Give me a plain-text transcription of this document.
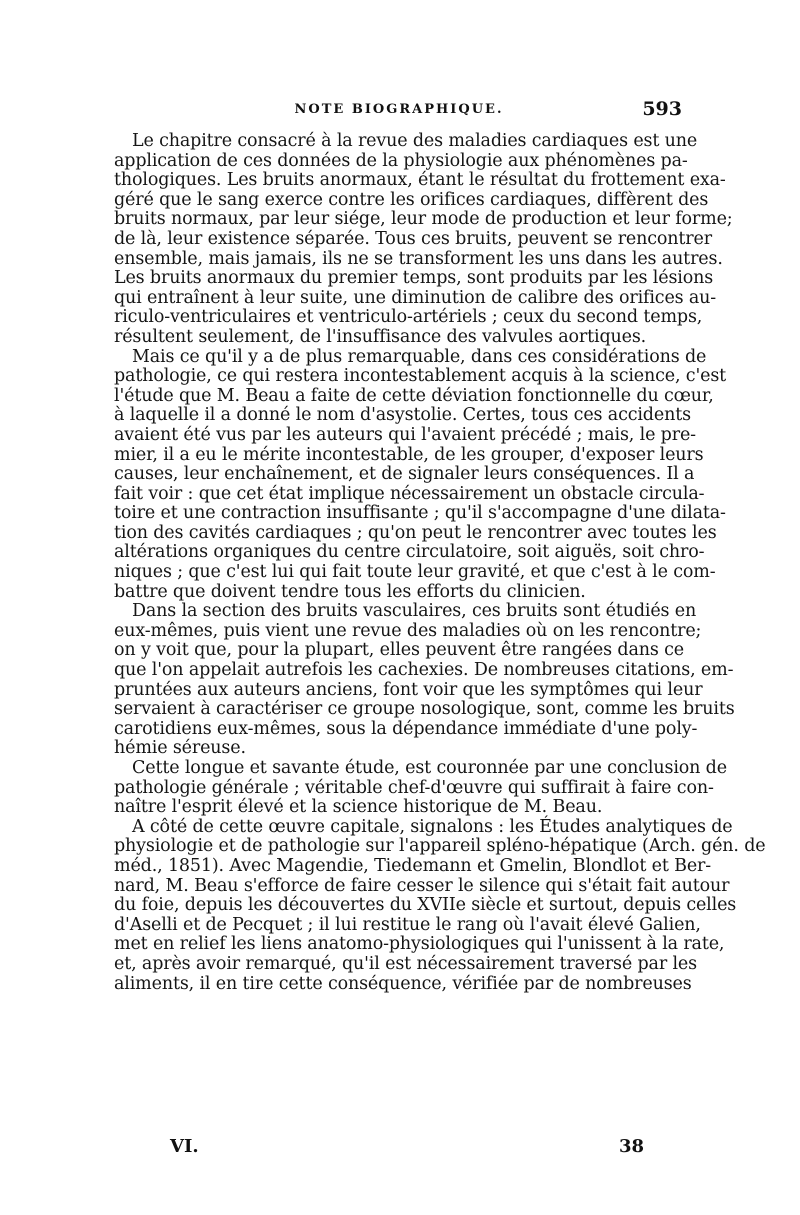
NOTE BIOGRAPHIQUE.	593
Le chapitre consacré à la revue des maladies cardiaques est une
application de ces données de la physiologie aux phénomènes pa-
thologiques. Les bruits anormaux, étant le résultat du frottement exa-
géré que le sang exerce contre les orifices cardiaques, diffèrent des
bruits normaux, par leur siége, leur mode de production et leur forme;
de là, leur existence séparée. Tous ces bruits, peuvent se rencontrer
ensemble, mais jamais, ils ne se transforment les uns dans les autres.
Les bruits anormaux du premier temps, sont produits par les lésions
qui entraînent à leur suite, une diminution de calibre des orifices au-
riculo-ventriculaires et ventriculo-artériels ; ceux du second temps,
résultent seulement, de l'insuffisance des valvules aortiques.
Mais ce qu'il y a de plus remarquable, dans ces considérations de
pathologie, ce qui restera incontestablement acquis à la science, c'est
l'étude que M. Beau a faite de cette déviation fonctionnelle du cœur,
à laquelle il a donné le nom d'asystolie. Certes, tous ces accidents
avaient été vus par les auteurs qui l'avaient précédé ; mais, le pre-
mier, il a eu le mérite incontestable, de les grouper, d'exposer leurs
causes, leur enchaînement, et de signaler leurs conséquences. Il a
fait voir : que cet état implique nécessairement un obstacle circula-
toire et une contraction insuffisante ; qu'il s'accompagne d'une dilata-
tion des cavités cardiaques ; qu'on peut le rencontrer avec toutes les
altérations organiques du centre circulatoire, soit aiguës, soit chro-
niques ; que c'est lui qui fait toute leur gravité, et que c'est à le com-
battre que doivent tendre tous les efforts du clinicien.
Dans la section des bruits vasculaires, ces bruits sont étudiés en
eux-mêmes, puis vient une revue des maladies où on les rencontre;
on y voit que, pour la plupart, elles peuvent être rangées dans ce
que l'on appelait autrefois les cachexies. De nombreuses citations, em-
pruntées aux auteurs anciens, font voir que les symptômes qui leur
servaient à caractériser ce groupe nosologique, sont, comme les bruits
carotidiens eux-mêmes, sous la dépendance immédiate d'une poly-
hémie séreuse.
Cette longue et savante étude, est couronnée par une conclusion de
pathologie générale ; véritable chef-d'œuvre qui suffirait à faire con-
naître l'esprit élevé et la science historique de M. Beau.
A côté de cette œuvre capitale, signalons : les Études analytiques de
physiologie et de pathologie sur l'appareil spléno-hépatique (Arch. gén. de
méd., 1851). Avec Magendie, Tiedemann et Gmelin, Blondlot et Ber-
nard, M. Beau s'efforce de faire cesser le silence qui s'était fait autour
du foie, depuis les découvertes du XVIIe siècle et surtout, depuis celles
d'Aselli et de Pecquet ; il lui restitue le rang où l'avait élevé Galien,
met en relief les liens anatomo-physiologiques qui l'unissent à la rate,
et, après avoir remarqué, qu'il est nécessairement traversé par les
aliments, il en tire cette conséquence, vérifiée par de nombreuses
VI.	38
